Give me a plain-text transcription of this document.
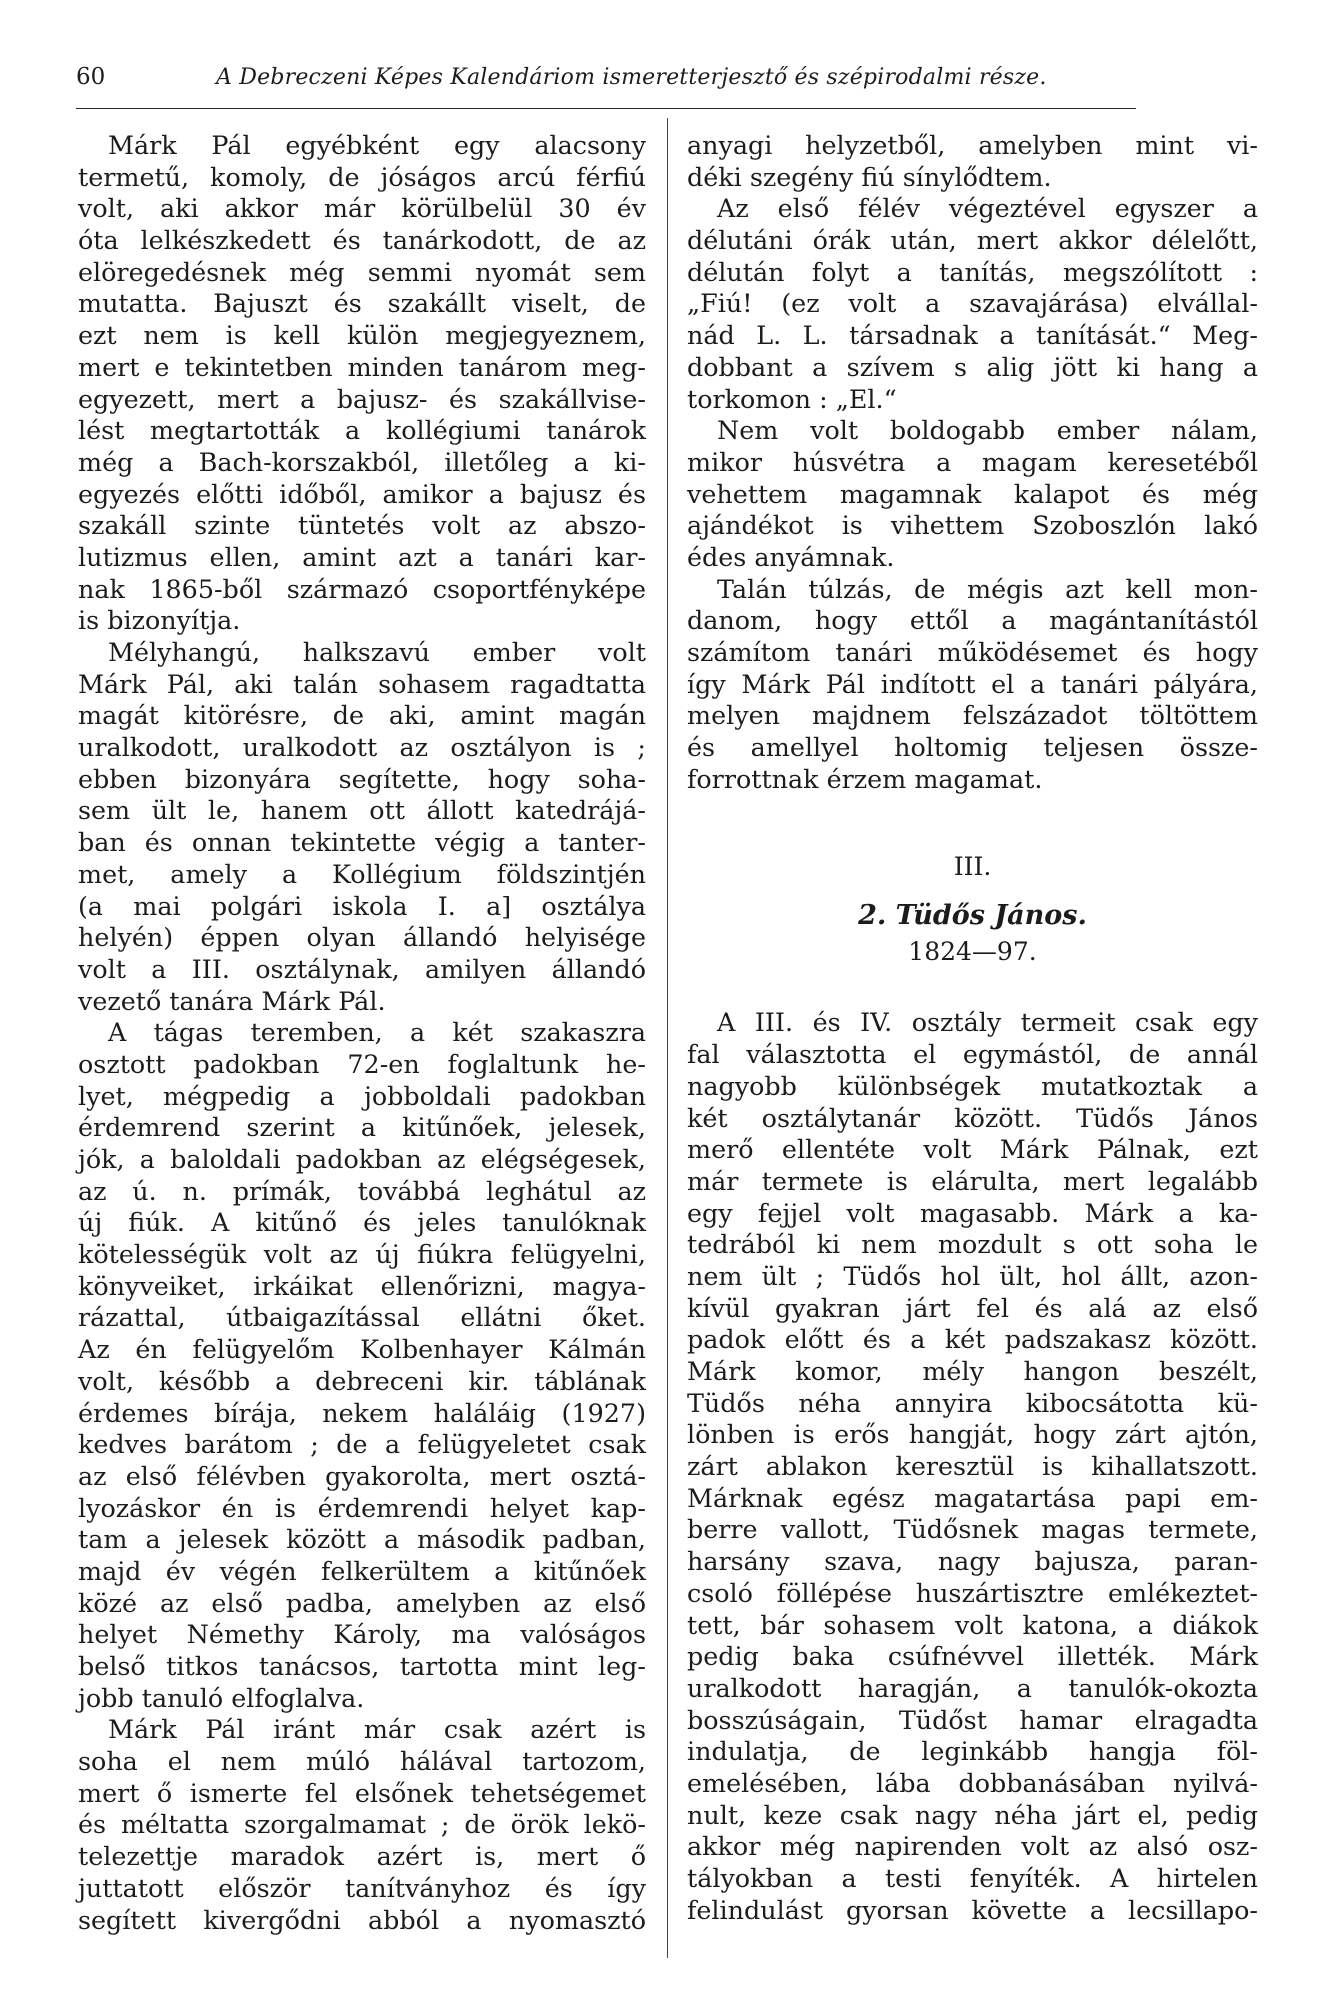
60	A Debreczeni Képes Kalendáriom ismeretterjesztő és szépirodalmi része.
Márk Pál egyébként egy alacsony
termetű, komoly, de jóságos arcú férfiú
volt, aki akkor már körülbelül 30 év
óta lelkészkedett és tanárkodott, de az
elöregedésnek még semmi nyomát sem
mutatta. Bajuszt és szakállt viselt, de
ezt nem is kell külön megjegyeznem,
mert e tekintetben minden tanárom meg-
egyezett, mert a bajusz- és szakállvise-
lést megtartották a kollégiumi tanárok
még a Bach-korszakból, illetőleg a ki-
egyezés előtti időből, amikor a bajusz és
szakáll szinte tüntetés volt az abszo-
lutizmus ellen, amint azt a tanári kar-
nak 1865-ből származó csoportfényképe
is bizonyítja.
Mélyhangú, halkszavú ember volt
Márk Pál, aki talán sohasem ragadtatta
magát kitörésre, de aki, amint magán
uralkodott, uralkodott az osztályon is ;
ebben bizonyára segítette, hogy soha-
sem ült le, hanem ott állott katedrájá-
ban és onnan tekintette végig a tanter-
met, amely a Kollégium földszintjén
(a mai polgári iskola I. a] osztálya
helyén) éppen olyan állandó helyisége
volt a III. osztálynak, amilyen állandó
vezető tanára Márk Pál.
A tágas teremben, a két szakaszra
osztott padokban 72-en foglaltunk he-
lyet, mégpedig a jobboldali padokban
érdemrend szerint a kitűnőek, jelesek,
jók, a baloldali padokban az elégségesek,
az ú. n. prímák, továbbá leghátul az
új fiúk. A kitűnő és jeles tanulóknak
kötelességük volt az új fiúkra felügyelni,
könyveiket, irkáikat ellenőrizni, magya-
rázattal, útbaigazítással ellátni őket.
Az én felügyelőm Kolbenhayer Kálmán
volt, később a debreceni kir. táblának
érdemes bírája, nekem haláláig (1927)
kedves barátom ; de a felügyeletet csak
az első félévben gyakorolta, mert osztá-
lyozáskor én is érdemrendi helyet kap-
tam a jelesek között a második padban,
majd év végén felkerültem a kitűnőek
közé az első padba, amelyben az első
helyet Némethy Károly, ma valóságos
belső titkos tanácsos, tartotta mint leg-
jobb tanuló elfoglalva.
Márk Pál iránt már csak azért is
soha el nem múló hálával tartozom,
mert ő ismerte fel elsőnek tehetségemet
és méltatta szorgalmamat ; de örök lekö-
telezettje maradok azért is, mert ő
juttatott először tanítványhoz és így
segített kivergődni abból a nyomasztó
anyagi helyzetből, amelyben mint vi-
déki szegény fiú sínylődtem.
Az első félév végeztével egyszer a
délutáni órák után, mert akkor délelőtt,
délután folyt a tanítás, megszólított :
„Fiú! (ez volt a szavajárása) elvállal-
nád L. L. társadnak a tanítását.“ Meg-
dobbant a szívem s alig jött ki hang a
torkomon : „El.“
Nem volt boldogabb ember nálam,
mikor húsvétra a magam keresetéből
vehettem magamnak kalapot és még
ajándékot is vihettem Szoboszlón lakó
édes anyámnak.
Talán túlzás, de mégis azt kell mon-
danom, hogy ettől a magántanítástól
számítom tanári működésemet és hogy
így Márk Pál indított el a tanári pályára,
melyen majdnem felszázadot töltöttem
és amellyel holtomig teljesen össze-
forrottnak érzem magamat.
III.
2. Tüdős János.
1824—97.
A III. és IV. osztály termeit csak egy
fal választotta el egymástól, de annál
nagyobb különbségek mutatkoztak a
két osztálytanár között. Tüdős János
merő ellentéte volt Márk Pálnak, ezt
már termete is elárulta, mert legalább
egy fejjel volt magasabb. Márk a ka-
tedrából ki nem mozdult s ott soha le
nem ült ; Tüdős hol ült, hol állt, azon-
kívül gyakran járt fel és alá az első
padok előtt és a két padszakasz között.
Márk komor, mély hangon beszélt,
Tüdős néha annyira kibocsátotta kü-
lönben is erős hangját, hogy zárt ajtón,
zárt ablakon keresztül is kihallatszott.
Márknak egész magatartása papi em-
berre vallott, Tüdősnek magas termete,
harsány szava, nagy bajusza, paran-
csoló föllépése huszártisztre emlékeztet-
tett, bár sohasem volt katona, a diákok
pedig baka csúfnévvel illették. Márk
uralkodott haragján, a tanulók-okozta
bosszúságain, Tüdőst hamar elragadta
indulatja, de leginkább hangja föl-
emelésében, lába dobbanásában nyilvá-
nult, keze csak nagy néha járt el, pedig
akkor még napirenden volt az alsó osz-
tályokban a testi fenyíték. A hirtelen
felindulást gyorsan követte a lecsillapo-
